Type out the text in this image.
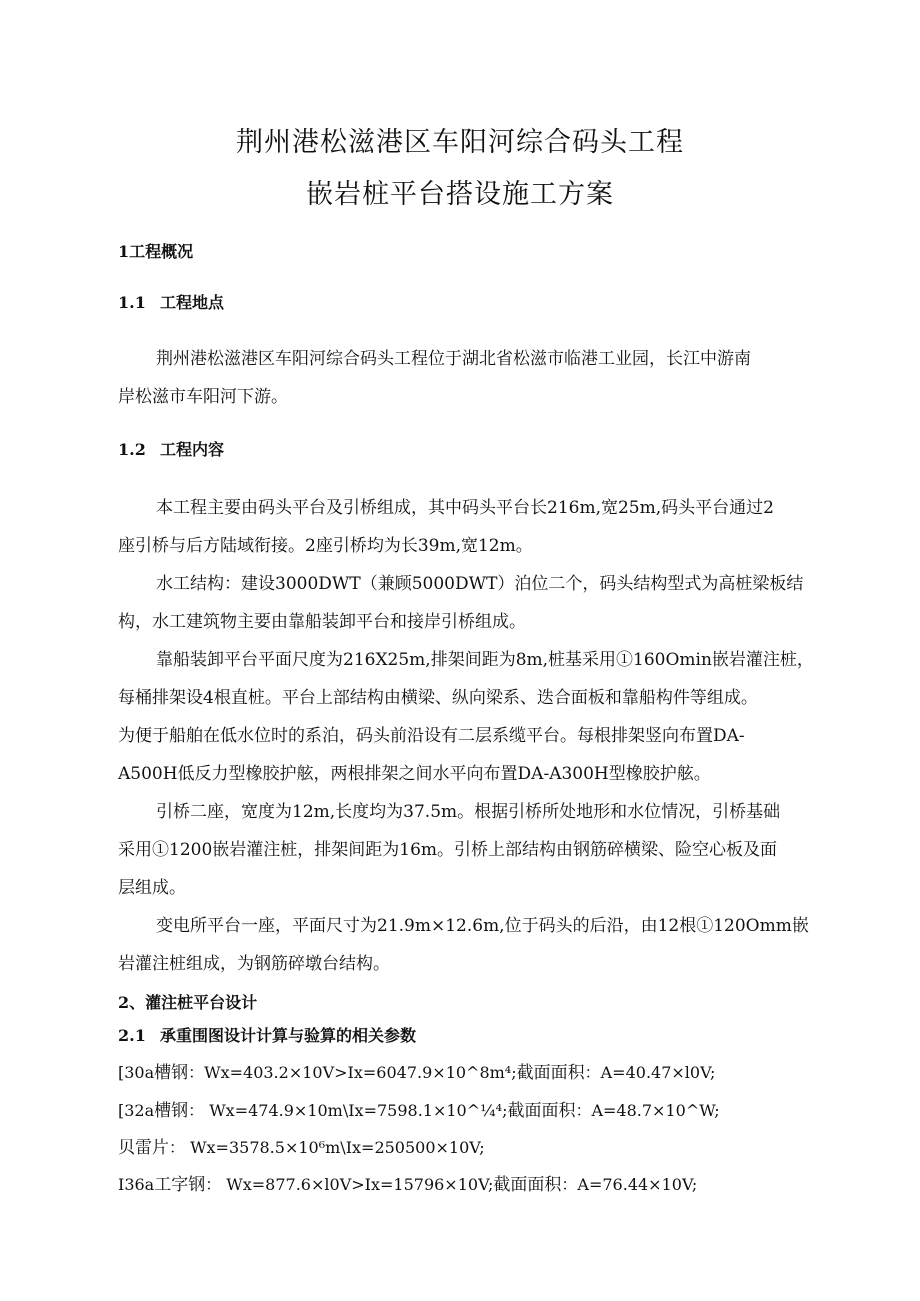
荆州港松滋港区车阳河综合码头工程
嵌岩桩平台搭设施工方案
1工程概况
1.1 工程地点
荆州港松滋港区车阳河综合码头工程位于湖北省松滋市临港工业园，长江中游南
岸松滋市车阳河下游。
1.2 工程内容
本工程主要由码头平台及引桥组成，其中码头平台长216m,宽25m,码头平台通过2
座引桥与后方陆域衔接。2座引桥均为长39m,宽12m。
水工结构：建设3000DWT（兼顾5000DWT）泊位二个，码头结构型式为高桩梁板结
构，水工建筑物主要由靠船装卸平台和接岸引桥组成。
靠船装卸平台平面尺度为216X25m,排架间距为8m,桩基采用①160Omin嵌岩灌注桩，
每桶排架设4根直桩。平台上部结构由横梁、纵向梁系、迭合面板和靠船构件等组成。
为便于船舶在低水位时的系泊，码头前沿设有二层系缆平台。每根排架竖向布置DA-
A500H低反力型橡胶护舷，两根排架之间水平向布置DA-A300H型橡胶护舷。
引桥二座，宽度为12m,长度均为37.5m。根据引桥所处地形和水位情况，引桥基础
采用①1200嵌岩灌注桩，排架间距为16m。引桥上部结构由钢筋碎横梁、险空心板及面
层组成。
变电所平台一座，平面尺寸为21.9m×12.6m,位于码头的后沿，由12根①120Omm嵌
岩灌注桩组成，为钢筋碎墩台结构。
2、灌注桩平台设计
2.1 承重围图设计计算与验算的相关参数
[30a槽钢：Wx=403.2×10V>Ix=6047.9×10^8m⁴;截面面积：A=40.47×l0V;
[32a槽钢： Wx=474.9×10m\Ix=7598.1×10^¼⁴;截面面积：A=48.7×10^W;
贝雷片： Wx=3578.5×10⁶m\Ix=250500×10V;
I36a工字钢： Wx=877.6×l0V>Ix=15796×10V;截面面积：A=76.44×10V;
